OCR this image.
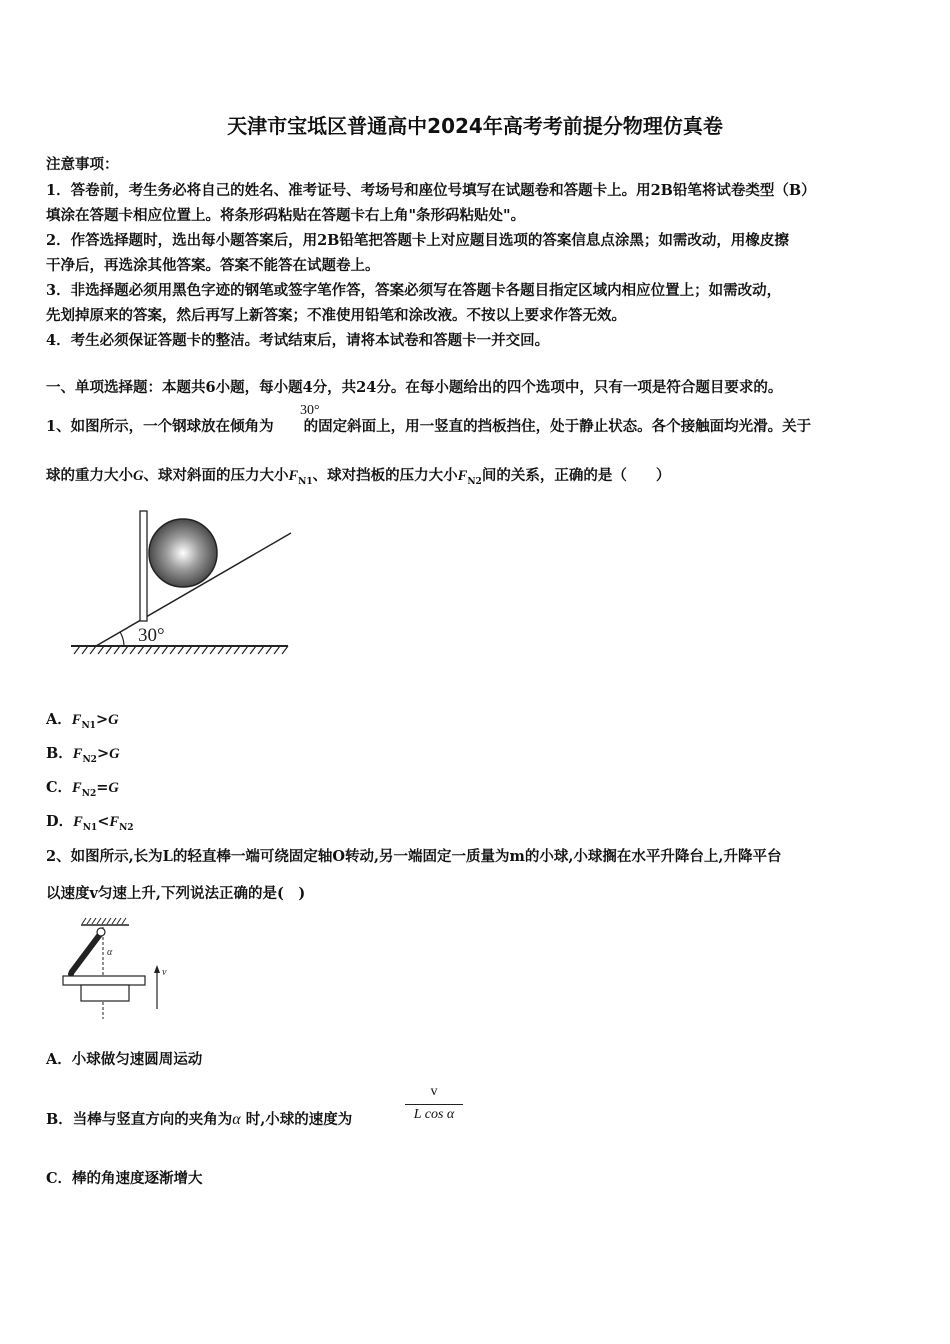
天津市宝坻区普通高中2024年高考考前提分物理仿真卷
注意事项：
1．答卷前，考生务必将自己的姓名、准考证号、考场号和座位号填写在试题卷和答题卡上。用2B铅笔将试卷类型（B）
填涂在答题卡相应位置上。将条形码粘贴在答题卡右上角"条形码粘贴处"。
2．作答选择题时，选出每小题答案后，用2B铅笔把答题卡上对应题目选项的答案信息点涂黑；如需改动，用橡皮擦
干净后，再选涂其他答案。答案不能答在试题卷上。
3．非选择题必须用黑色字迹的钢笔或签字笔作答，答案必须写在答题卡各题目指定区域内相应位置上；如需改动，
先划掉原来的答案，然后再写上新答案；不准使用铅笔和涂改液。不按以上要求作答无效。
4．考生必须保证答题卡的整洁。考试结束后，请将本试卷和答题卡一并交回。
一、单项选择题：本题共6小题，每小题4分，共24分。在每小题给出的四个选项中，只有一项是符合题目要求的。
1、如图所示，一个钢球放在倾角为 的固定斜面上，用一竖直的挡板挡住，处于静止状态。各个接触面均光滑。关于
30°
球的重力大小G、球对斜面的压力大小$F_{N1}$、球对挡板的压力大小$F_{N2}$间的关系，正确的是（　　）
30°
A．$F_{N1}>G$
B．$F_{N2}>G$
C．$F_{N2}=G$
D．$F_{N1}<F_{N2}$
2、如图所示,长为L的轻直棒一端可绕固定轴O转动,另一端固定一质量为m的小球,小球搁在水平升降台上,升降平台
以速度v匀速上升,下列说法正确的是(　)
α
v
A．小球做匀速圆周运动
B．当棒与竖直方向的夹角为α 时,小球的速度为	$\frac{v}{\text{L cos α}}$
C．棒的角速度逐渐增大
